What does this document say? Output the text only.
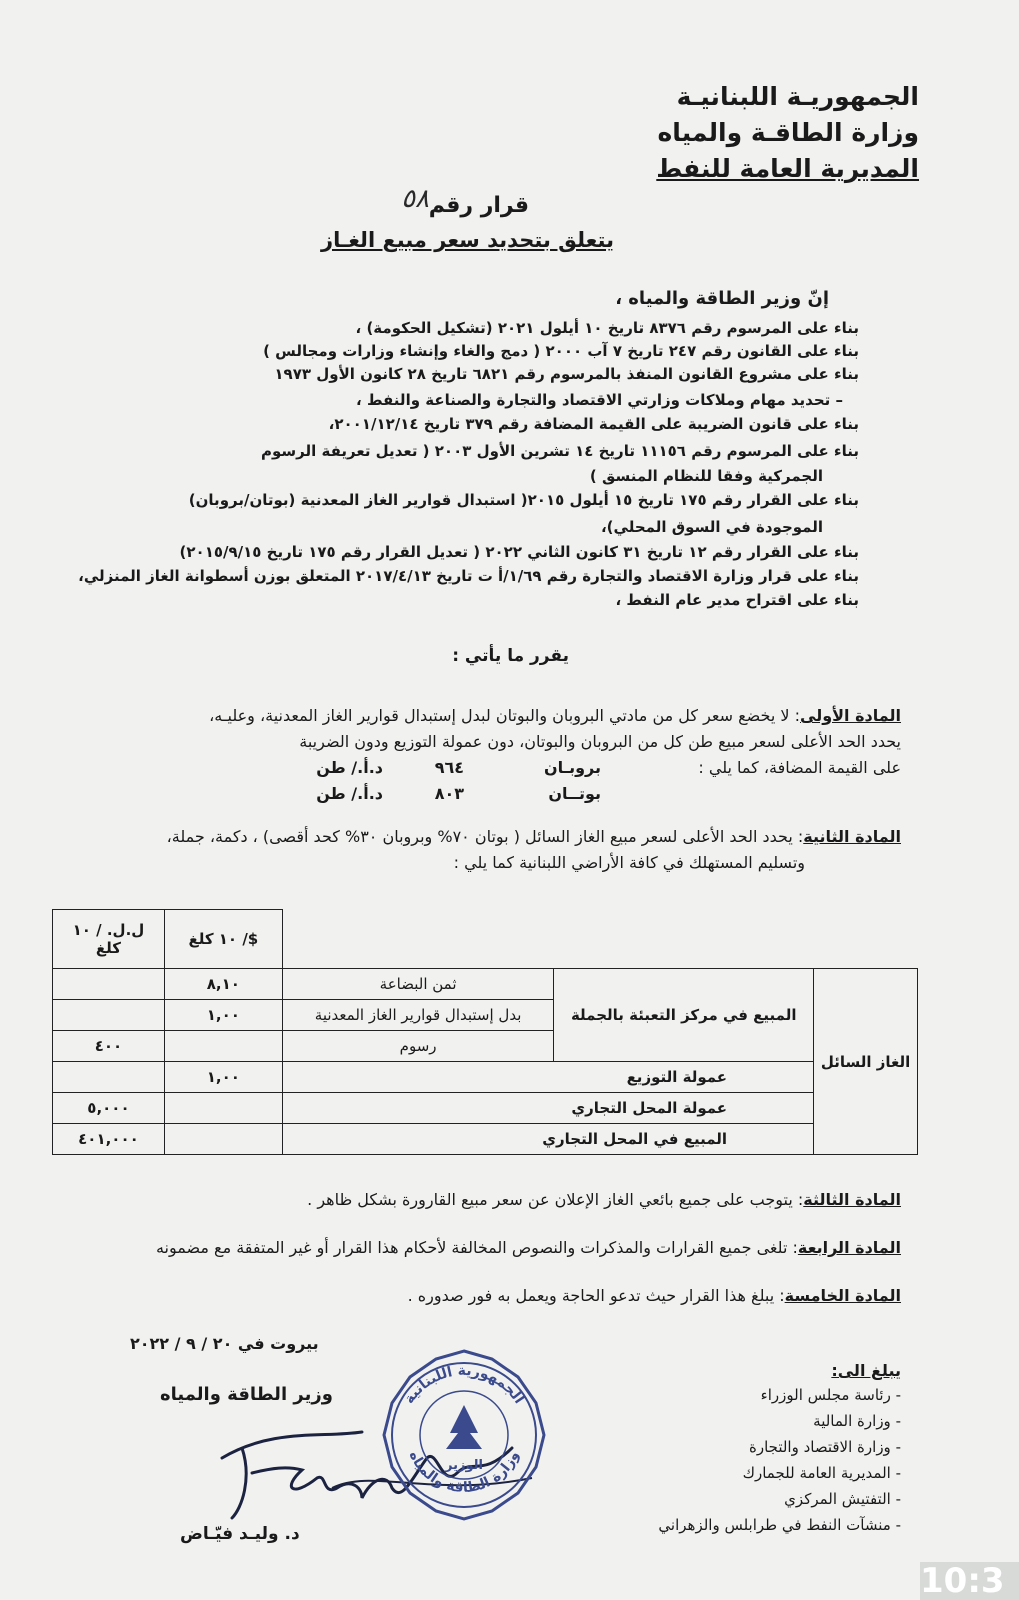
الجمهوريـة اللبنانيـة
وزارة الطاقـة والمياه
المديرية العامة للنفط
قرار رقم
٥٨
يتعلق بتحديد سعر مبيع الغـاز
إنّ وزير الطاقة والمياه ،
بناء على المرسوم رقم ٨٣٧٦ تاريخ ١٠ أيلول ٢٠٢١ (تشكيل الحكومة) ،
بناء على القانون رقم ٢٤٧ تاريخ ٧ آب ٢٠٠٠ ( دمج والغاء وإنشاء وزارات ومجالس )
بناء على مشروع القانون المنفذ بالمرسوم رقم ٦٨٢١ تاريخ ٢٨ كانون الأول ١٩٧٣
– تحديد مهام وملاكات وزارتي الاقتصاد والتجارة والصناعة والنفط ،
بناء على قانون الضريبة على القيمة المضافة رقم ٣٧٩ تاريخ ٢٠٠١/١٢/١٤،
بناء على المرسوم رقم ١١١٥٦ تاريخ ١٤ تشرين الأول ٢٠٠٣ ( تعديل تعريفة الرسوم
الجمركية وفقا للنظام المنسق )
بناء على القرار رقم ١٧٥ تاريخ ١٥ أيلول ٢٠١٥( استبدال قوارير الغاز المعدنية (بوتان/بروبان)
الموجودة في السوق المحلي)،
بناء على القرار رقم ١٢ تاريخ ٣١ كانون الثاني ٢٠٢٢ ( تعديل القرار رقم ١٧٥ تاريخ ٢٠١٥/٩/١٥)
بناء على قرار وزارة الاقتصاد والتجارة رقم ١/٦٩/أ ت تاريخ ٢٠١٧/٤/١٣ المتعلق بوزن أسطوانة الغاز المنزلي،
بناء على اقتراح مدير عام النفط ،
يقرر ما يأتي :
المادة الأولى: لا يخضع سعر كل من مادتي البروبان والبوتان لبدل إستبدال قوارير الغاز المعدنية، وعليـه،
يحدد الحد الأعلى لسعر مبيع طن كل من البروبان والبوتان، دون عمولة التوزيع ودون الضريبة
على القيمة المضافة، كما يلي :
بروبـان
٩٦٤
د.أ./ طن
بوتــان
٨٠٣
د.أ./ طن
المادة الثانية: يحدد الحد الأعلى لسعر مبيع الغاز السائل ( بوتان ٧٠% وبروبان ٣٠% كحد أقصى) ، دكمة، جملة،
وتسليم المستهلك في كافة الأراضي اللبنانية كما يلي :
ل.ل. / ١٠ كلغ	$/ ١٠ كلغ			
	٨,١٠	ثمن البضاعة	المبيع في مركز التعبئة بالجملة	الغاز السائل
	١,٠٠	بدل إستبدال قوارير الغاز المعدنية		
٤٠٠		رسوم		
	١,٠٠	عمولة التوزيع		
٥,٠٠٠		عمولة المحل التجاري		
٤٠١,٠٠٠		المبيع في المحل التجاري		
المادة الثالثة: يتوجب على جميع بائعي الغاز الإعلان عن سعر مبيع القارورة بشكل ظاهر .
المادة الرابعة: تلغى جميع القرارات والمذكرات والنصوص المخالفة لأحكام هذا القرار أو غير المتفقة مع مضمونه
المادة الخامسة: يبلغ هذا القرار حيث تدعو الحاجة ويعمل به فور صدوره .
بيروت في ٢٠ / ٩ / ٢٠٢٢
وزير الطاقة والمياه
د. وليـد فيّـاض
الجمهورية اللبنانية
وزارة الطاقة والمياه
الوزير
يبلغ الى:
- رئاسة مجلس الوزراء
- وزارة المالية
- وزارة الاقتصاد والتجارة
- المديرية العامة للجمارك
- التفتيش المركزي
- منشآت النفط في طرابلس والزهراني
10:3
